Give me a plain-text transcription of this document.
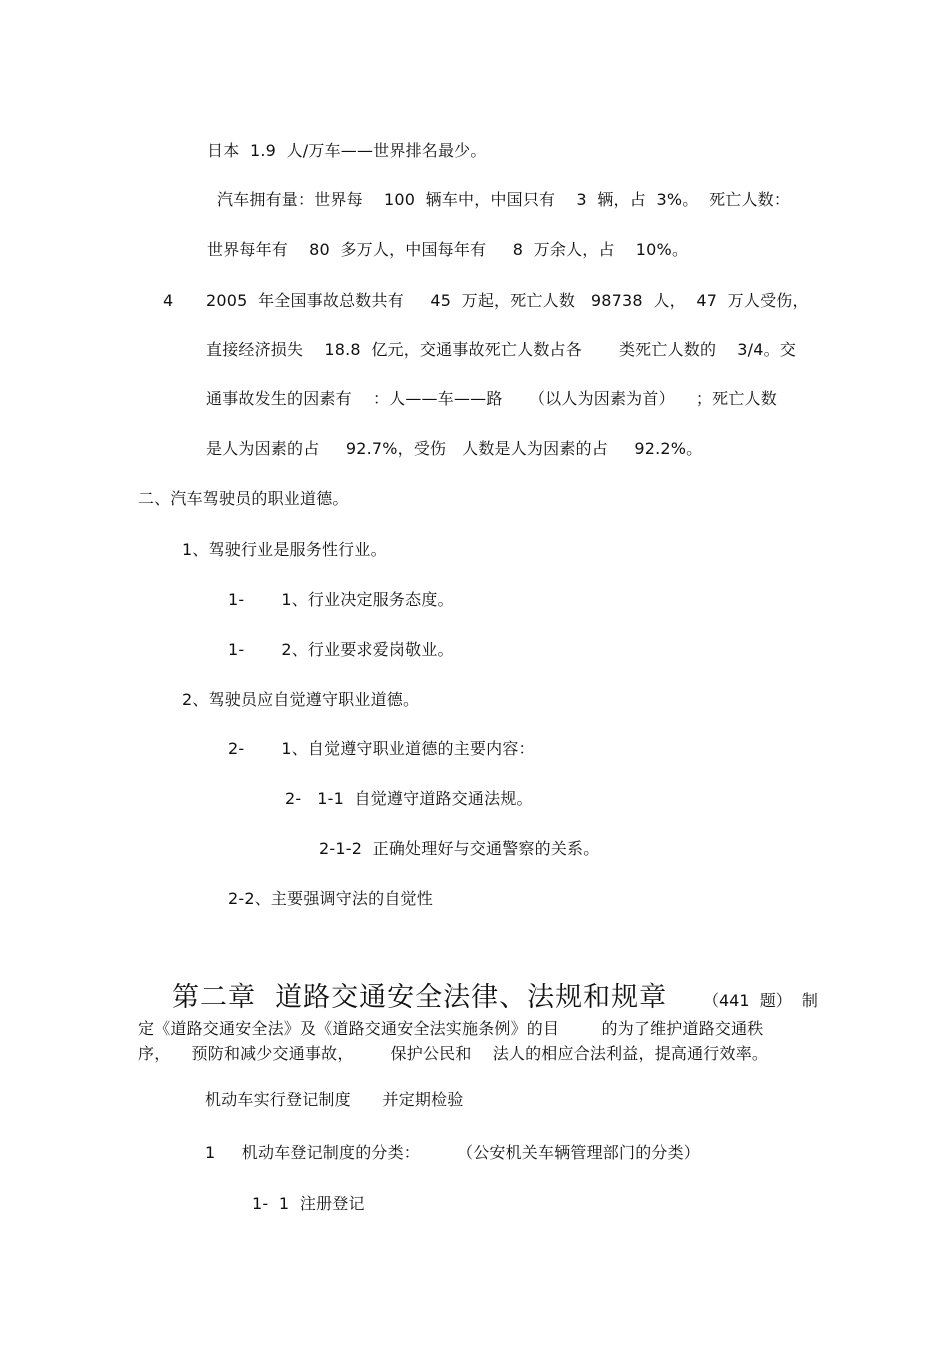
日本  1.9  人/万车——世界排名最少。
汽车拥有量：世界每    100  辆车中，中国只有    3  辆，占  3%。  死亡人数：
世界每年有    80  多万人，中国每年有     8  万余人，占    10%。
4 2005  年全国事故总数共有     45  万起，死亡人数   98738  人，  47  万人受伤，
直接经济损失    18.8  亿元，交通事故死亡人数占各       类死亡人数的    3/4。交
通事故发生的因素有    ：人——车——路     （以人为因素为首）    ；死亡人数
是人为因素的占     92.7%，受伤   人数是人为因素的占     92.2%。
二、汽车驾驶员的职业道德。
1、驾驶行业是服务性行业。
1-       1、行业决定服务态度。
1-       2、行业要求爱岗敬业。
2、驾驶员应自觉遵守职业道德。
2-       1、自觉遵守职业道德的主要内容：
2-   1-1  自觉遵守道路交通法规。
2-1-2  正确处理好与交通警察的关系。
2-2、主要强调守法的自觉性
第二章  道路交通安全法律、法规和规章 （441  题）  制
定《道路交通安全法》及《道路交通安全法实施条例》的目        的为了维护道路交通秩
序，    预防和减少交通事故，       保护公民和    法人的相应合法利益，提高通行效率。
机动车实行登记制度      并定期检验
1     机动车登记制度的分类：       （公安机关车辆管理部门的分类）
1-  1  注册登记
